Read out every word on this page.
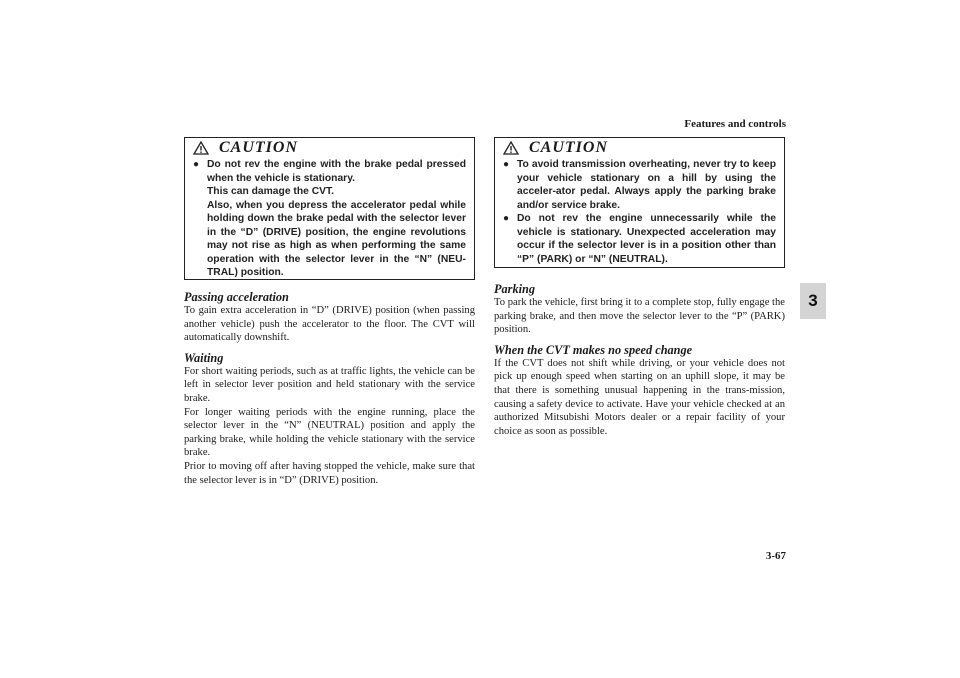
Features and controls
3
CAUTION
● Do not rev the engine with the brake pedal pressed when the vehicle is stationary.
This can damage the CVT.
Also, when you depress the accelerator pedal while holding down the brake pedal with the selector lever in the “D” (DRIVE) position, the engine revolutions may not rise as high as when performing the same operation with the selector lever in the “N” (NEU-TRAL) position.
Passing acceleration

To gain extra acceleration in “D” (DRIVE) position (when passing another vehicle) push the accelerator to the floor. The CVT will automatically downshift.

Waiting

For short waiting periods, such as at traffic lights, the vehicle can be left in selector lever position and held stationary with the service brake.

For longer waiting periods with the engine running, place the selector lever in the “N” (NEUTRAL) position and apply the parking brake, while holding the vehicle stationary with the service brake.

Prior to moving off after having stopped the vehicle, make sure that the selector lever is in “D” (DRIVE) position.

CAUTION
● To avoid transmission overheating, never try to keep your vehicle stationary on a hill by using the acceler-ator pedal. Always apply the parking brake and/or service brake.
● Do not rev the engine unnecessarily while the vehicle is stationary. Unexpected acceleration may occur if the selector lever is in a position other than “P” (PARK) or “N” (NEUTRAL).
Parking

To park the vehicle, first bring it to a complete stop, fully engage the parking brake, and then move the selector lever to the “P” (PARK) position.

When the CVT makes no speed change

If the CVT does not shift while driving, or your vehicle does not pick up enough speed when starting on an uphill slope, it may be that there is something unusual happening in the trans-mission, causing a safety device to activate. Have your vehicle checked at an authorized Mitsubishi Motors dealer or a repair facility of your choice as soon as possible.

3-67
